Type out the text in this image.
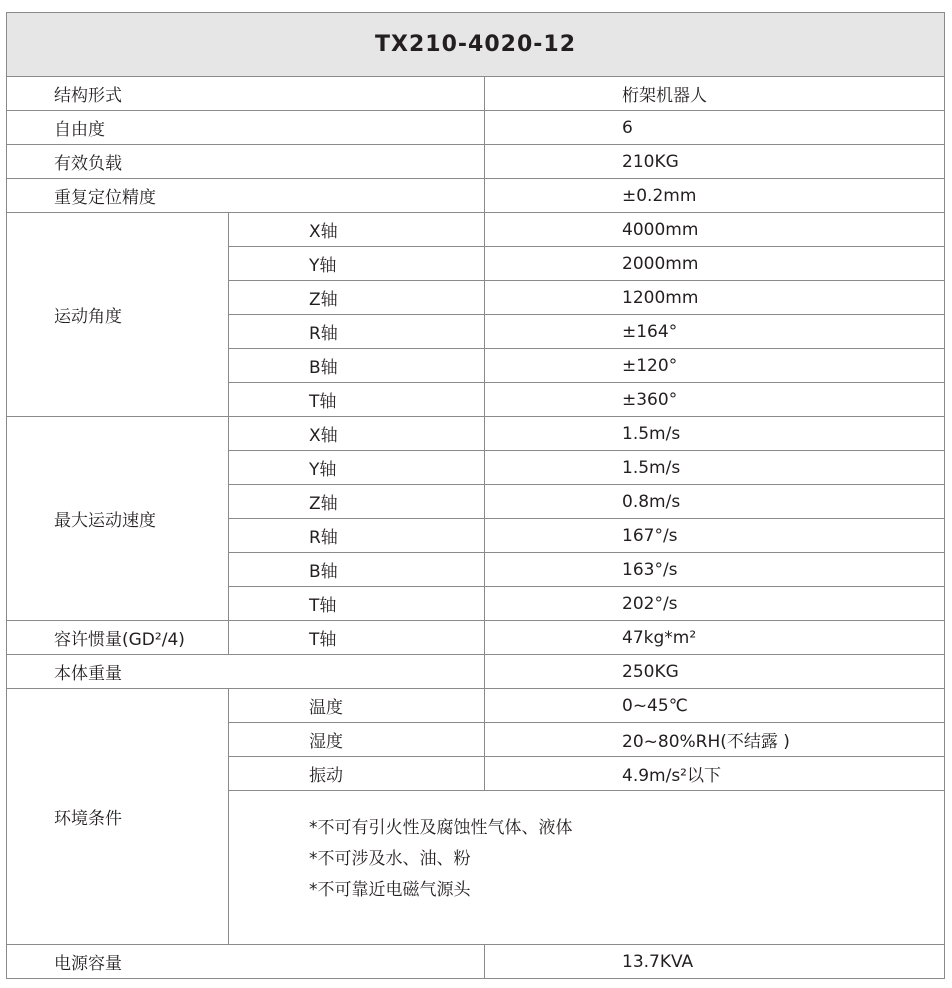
TX210-4020-12		
结构形式		桁架机器人
自由度		6
有效负载		210KG
重复定位精度		±0.2mm
运动角度	X轴	4000mm
	Y轴	2000mm
	Z轴	1200mm
	R轴	±164°
	B轴	±120°
	T轴	±360°
最大运动速度	X轴	1.5m/s
	Y轴	1.5m/s
	Z轴	0.8m/s
	R轴	167°/s
	B轴	163°/s
	T轴	202°/s
容许惯量(GD²/4)	T轴	47kg*m²
本体重量		250KG
环境条件	温度	0~45℃
	湿度	20~80%RH(不结露 )
	振动	4.9m/s²以下

	*不可有引火性及腐蚀性气体、液体
*不可涉及水、油、粉
*不可靠近电磁气源头	

电源容量		13.7KVA
